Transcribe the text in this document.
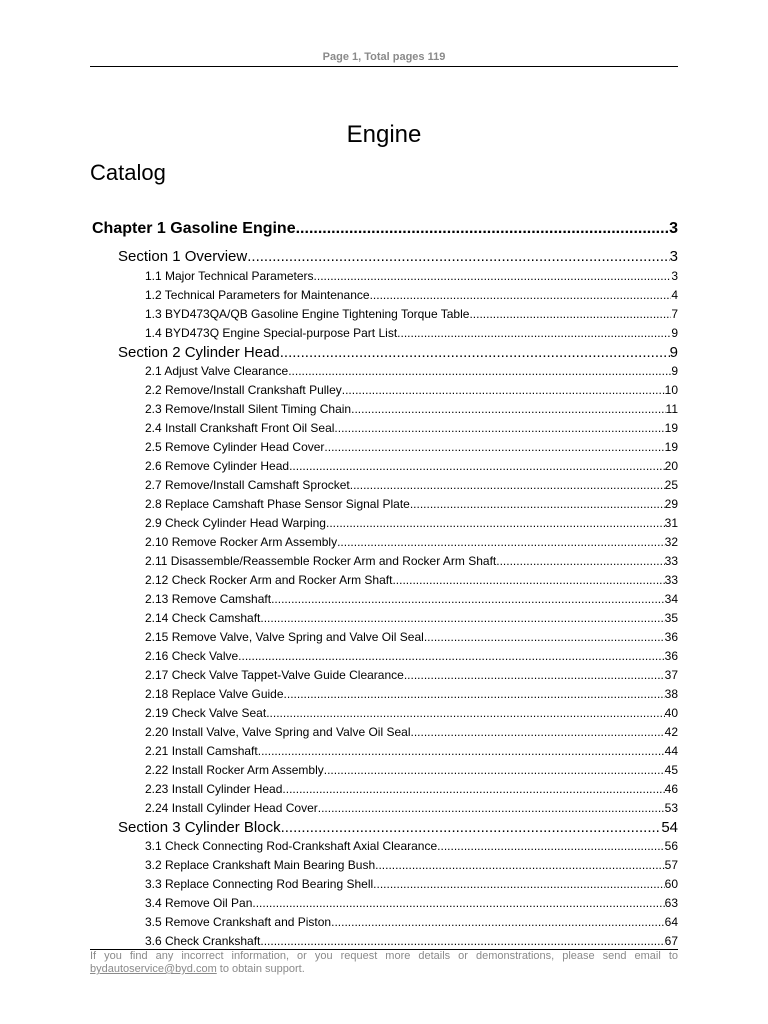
Page 1, Total pages 119
Engine
Catalog
Chapter 1 Gasoline Engine .....	3
Section 1 Overview .....	3
1.1 Major Technical Parameters .....	3
1.2 Technical Parameters for Maintenance .....	4
1.3 BYD473QA/QB Gasoline Engine Tightening Torque Table .....	7
1.4 BYD473Q Engine Special-purpose Part List .....	9
Section 2 Cylinder Head .....	9
2.1 Adjust Valve Clearance .....	9
2.2 Remove/Install Crankshaft Pulley .....	10
2.3 Remove/Install Silent Timing Chain .....	11
2.4 Install Crankshaft Front Oil Seal .....	19
2.5 Remove Cylinder Head Cover .....	19
2.6 Remove Cylinder Head .....	20
2.7 Remove/Install Camshaft Sprocket .....	25
2.8 Replace Camshaft Phase Sensor Signal Plate .....	29
2.9 Check Cylinder Head Warping .....	31
2.10 Remove Rocker Arm Assembly .....	32
2.11 Disassemble/Reassemble Rocker Arm and Rocker Arm Shaft .....	33
2.12 Check Rocker Arm and Rocker Arm Shaft .....	33
2.13 Remove Camshaft .....	34
2.14 Check Camshaft .....	35
2.15 Remove Valve, Valve Spring and Valve Oil Seal .....	36
2.16 Check Valve .....	36
2.17 Check Valve Tappet-Valve Guide Clearance .....	37
2.18 Replace Valve Guide .....	38
2.19 Check Valve Seat .....	40
2.20 Install Valve, Valve Spring and Valve Oil Seal .....	42
2.21 Install Camshaft .....	44
2.22 Install Rocker Arm Assembly .....	45
2.23 Install Cylinder Head .....	46
2.24 Install Cylinder Head Cover .....	53
Section 3 Cylinder Block .....	54
3.1 Check Connecting Rod-Crankshaft Axial Clearance .....	56
3.2 Replace Crankshaft Main Bearing Bush .....	57
3.3 Replace Connecting Rod Bearing Shell .....	60
3.4 Remove Oil Pan .....	63
3.5 Remove Crankshaft and Piston .....	64
3.6 Check Crankshaft .....	67
If you find any incorrect information, or you request more details or demonstrations, please send email to bydautoservice@byd.com to obtain support.
